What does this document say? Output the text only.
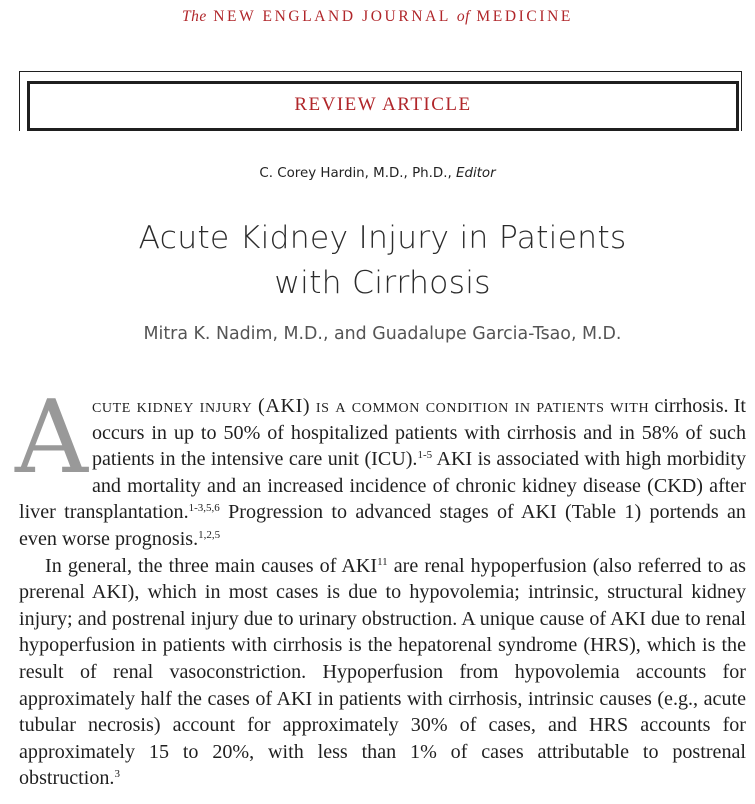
The NEW ENGLAND JOURNAL of MEDICINE
REVIEW ARTICLE
C. Corey Hardin, M.D., Ph.D., Editor
Acute Kidney Injury in Patients
with Cirrhosis
Mitra K. Nadim, M.D., and Guadalupe Garcia-Tsao, M.D.

Acute kidney injury (AKI) is a common condition in patients with cirrhosis. It occurs in up to 50% of hospitalized patients with cirrhosis and in 58% of such patients in the intensive care unit (ICU).$^{1-5}$ AKI is associated with high morbidity and mortality and an increased incidence of chronic kidney disease (CKD) after liver transplantation.$^{1-3,5,6}$ Progression to advanced stages of AKI (Table 1) portends an even worse prognosis.$^{1,2,5}$

In general, the three main causes of AKI$^{11}$ are renal hypoperfusion (also referred to as prerenal AKI), which in most cases is due to hypovolemia; intrinsic, structural kidney injury; and postrenal injury due to urinary obstruction. A unique cause of AKI due to renal hypoperfusion in patients with cirrhosis is the hepatorenal syndrome (HRS), which is the result of renal vasoconstriction. Hypoperfusion from hypovolemia accounts for approximately half the cases of AKI in patients with cirrhosis, intrinsic causes (e.g., acute tubular necrosis) account for approximately 30% of cases, and HRS accounts for approximately 15 to 20%, with less than 1% of cases attributable to postrenal obstruction.$^3$
